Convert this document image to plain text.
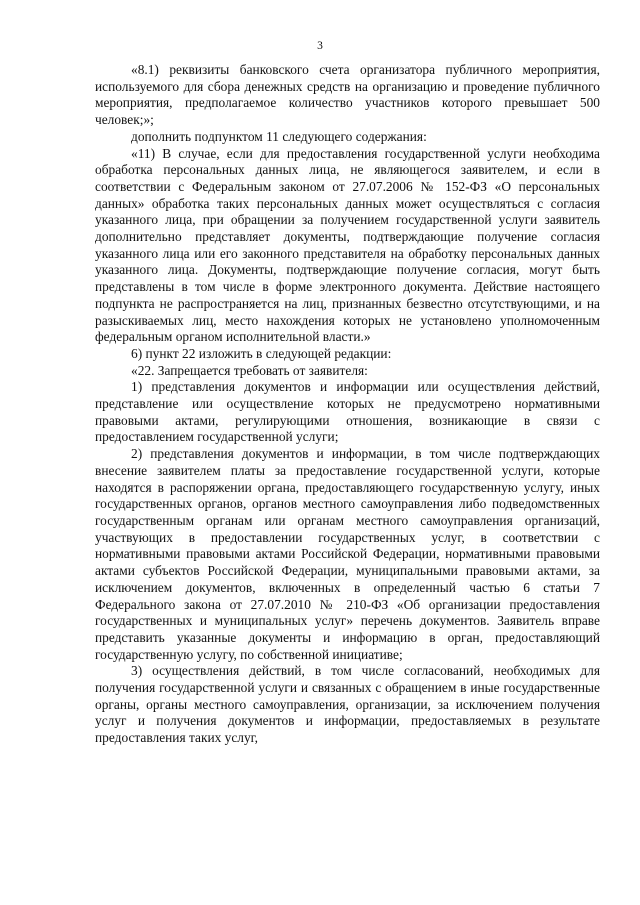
3

«8.1) реквизиты банковского счета организатора публичного мероприятия, используемого для сбора денежных средств на организацию и проведение публичного мероприятия, предполагаемое количество участников которого превышает 500 человек;»;

дополнить подпунктом 11 следующего содержания:

«11) В случае, если для предоставления государственной услуги необходима обработка персональных данных лица, не являющегося заявителем, и если в соответствии с Федеральным законом от 27.07.2006 № 152-ФЗ «О персональных данных» обработка таких персональных данных может осуществляться с согласия указанного лица, при обращении за получением государственной услуги заявитель дополнительно представляет документы, подтверждающие получение согласия указанного лица или его законного представителя на обработку персональных данных указанного лица. Документы, подтверждающие получение согласия, могут быть представлены в том числе в форме электронного документа. Действие настоящего подпункта не распространяется на лиц, признанных безвестно отсутствующими, и на разыскиваемых лиц, место нахождения которых не установлено уполномоченным федеральным органом исполнительной власти.»

6) пункт 22 изложить в следующей редакции:

«22. Запрещается требовать от заявителя:

1) представления документов и информации или осуществления действий, представление или осуществление которых не предусмотрено нормативными правовыми актами, регулирующими отношения, возникающие в связи с предоставлением государственной услуги;

2) представления документов и информации, в том числе подтверждающих внесение заявителем платы за предоставление государственной услуги, которые находятся в распоряжении органа, предоставляющего государственную услугу, иных государственных органов, органов местного самоуправления либо подведомственных государственным органам или органам местного самоуправления организаций, участвующих в предоставлении государственных услуг, в соответствии с нормативными правовыми актами Российской Федерации, нормативными правовыми актами субъектов Российской Федерации, муниципальными правовыми актами, за исключением документов, включенных в определенный частью 6 статьи 7 Федерального закона от 27.07.2010 № 210-ФЗ «Об организации предоставления государственных и муниципальных услуг» перечень документов. Заявитель вправе представить указанные документы и информацию в орган, предоставляющий государственную услугу, по собственной инициативе;

3) осуществления действий, в том числе согласований, необходимых для получения государственной услуги и связанных с обращением в иные государственные органы, органы местного самоуправления, организации, за исключением получения услуг и получения документов и информации, предоставляемых в результате предоставления таких услуг,
